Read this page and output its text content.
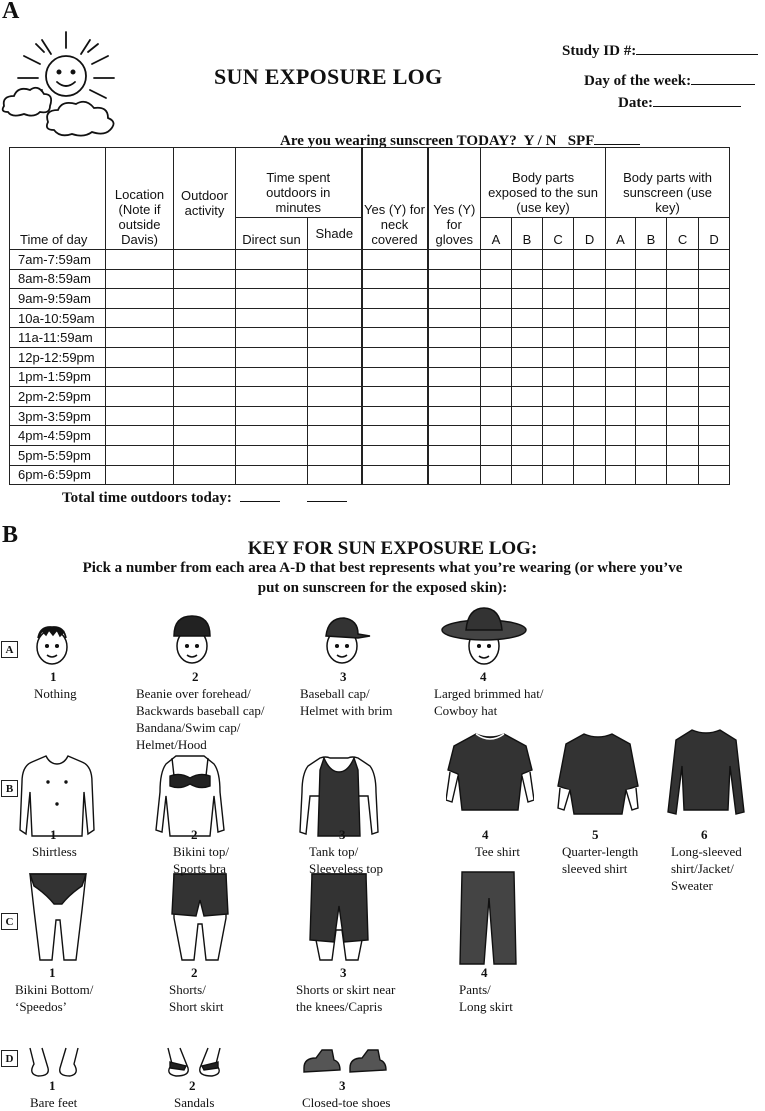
A
SUN EXPOSURE LOG
Study ID #:
Day of the week:
Date:
Are you wearing sunscreen TODAY? Y / N SPF
Time of day	Location (Note if outside Davis)	Outdoor activity	Time spent outdoors in minutes		Yes (Y) for neck covered	Yes (Y) for gloves	Body parts exposed to the sun (use key)				Body parts with sunscreen (use key)			
			Direct sun	Shade			A	B	C	D	A	B	C	D
7am-7:59am														
8am-8:59am														
9am-9:59am														
10a-10:59am														
11a-11:59am														
12p-12:59pm														
1pm-1:59pm														
2pm-2:59pm														
3pm-3:59pm														
4pm-4:59pm														
5pm-5:59pm														
6pm-6:59pm														
Total time outdoors today:
B
KEY FOR SUN EXPOSURE LOG:
Pick a number from each area A-D that best represents what you’re wearing (or where you’ve
put on sunscreen for the exposed skin):
A
B
C
D
1
Nothing
2
Beanie over forehead/
Backwards baseball cap/
Bandana/Swim cap/
Helmet/Hood
3
Baseball cap/
Helmet with brim
4
Larged brimmed hat/
Cowboy hat
1
Shirtless
2
Bikini top/
Sports bra
3
Tank top/
Sleeveless top
4
Tee shirt
5
Quarter-length
sleeved shirt
6
Long-sleeved
shirt/Jacket/
Sweater
1
Bikini Bottom/
‘Speedos’
2
Shorts/
Short skirt
3
Shorts or skirt near
the knees/Capris
4
Pants/
Long skirt
1
Bare feet
2
Sandals
3
Closed-toe shoes
